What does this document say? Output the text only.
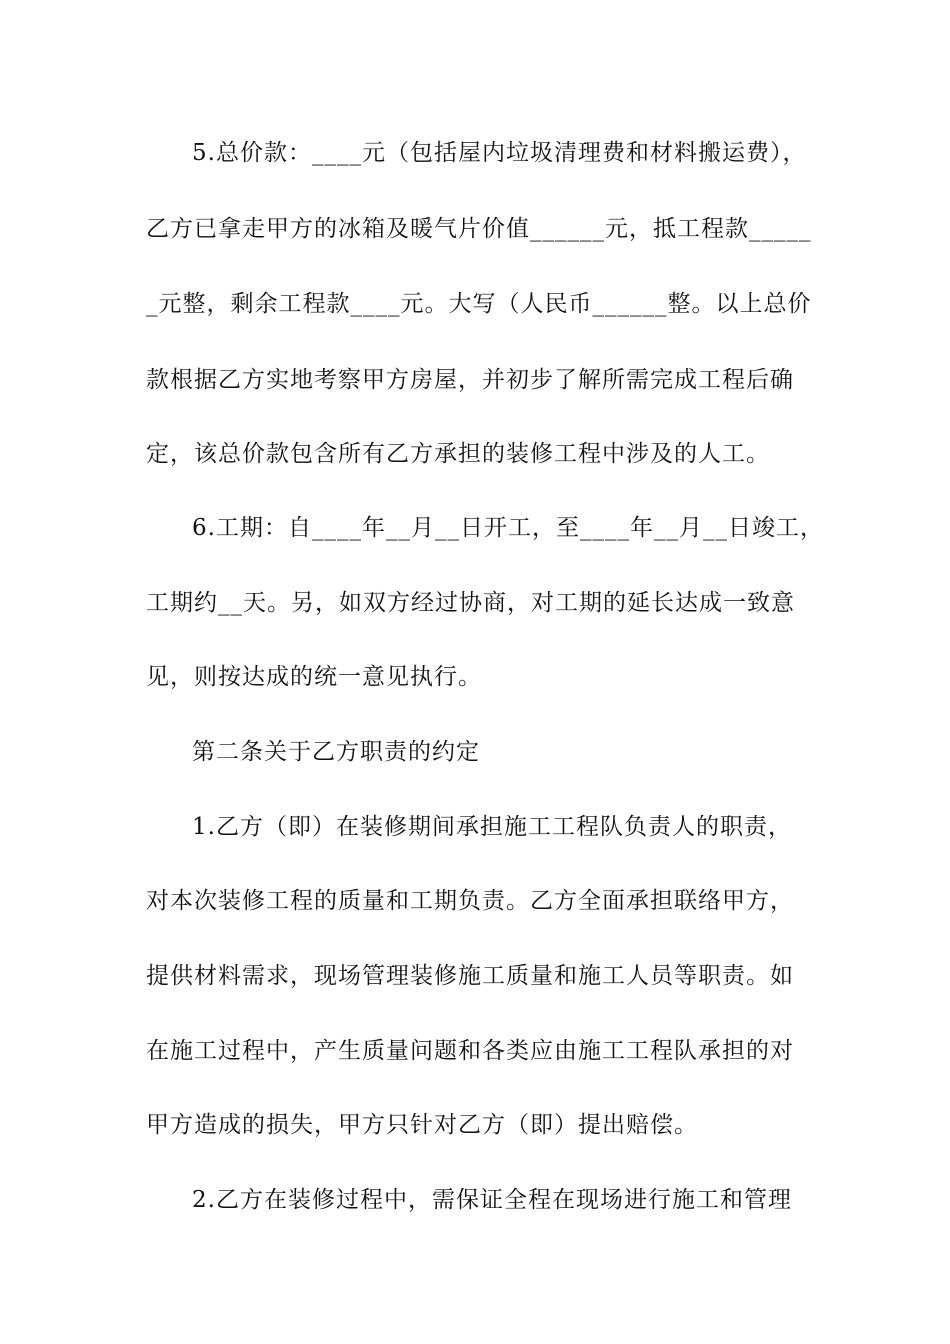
5.总价款：____元（包括屋内垃圾清理费和材料搬运费），
乙方已拿走甲方的冰箱及暖气片价值______元，抵工程款_____
_元整，剩余工程款____元。大写（人民币______整。以上总价
款根据乙方实地考察甲方房屋，并初步了解所需完成工程后确
定，该总价款包含所有乙方承担的装修工程中涉及的人工。
6.工期：自____年__月__日开工，至____年__月__日竣工，
工期约__天。另，如双方经过协商，对工期的延长达成一致意
见，则按达成的统一意见执行。
第二条关于乙方职责的约定
1.乙方（即）在装修期间承担施工工程队负责人的职责，
对本次装修工程的质量和工期负责。乙方全面承担联络甲方，
提供材料需求，现场管理装修施工质量和施工人员等职责。如
在施工过程中，产生质量问题和各类应由施工工程队承担的对
甲方造成的损失，甲方只针对乙方（即）提出赔偿。
2.乙方在装修过程中，需保证全程在现场进行施工和管理
